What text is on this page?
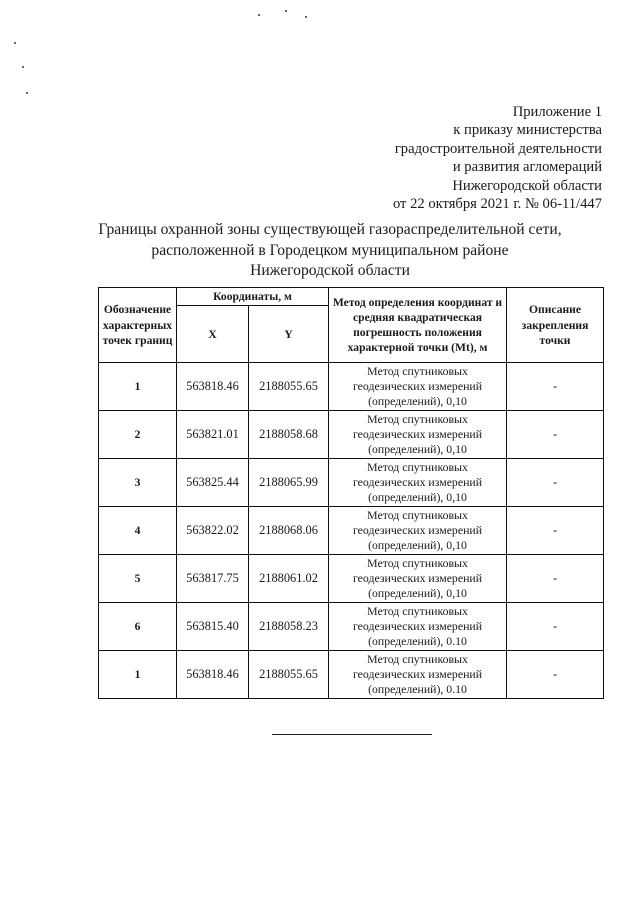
Приложение 1
к приказу министерства
градостроительной деятельности
и развития агломераций
Нижегородской области
от 22 октября 2021 г. № 06-11/447
Границы охранной зоны существующей газораспределительной сети,
расположенной в Городецком муниципальном районе
Нижегородской области
Обозначение характерных точек границ	Координаты, м		Метод определения координат и средняя квадратическая погрешность положения характерной точки (Mt), м	Описание закрепления точки
	X	Y		
1	563818.46	2188055.65	Метод спутниковых геодезических измерений (определений), 0,10	-
2	563821.01	2188058.68	Метод спутниковых геодезических измерений (определений), 0,10	-
3	563825.44	2188065.99	Метод спутниковых геодезических измерений (определений), 0,10	-
4	563822.02	2188068.06	Метод спутниковых геодезических измерений (определений), 0,10	-
5	563817.75	2188061.02	Метод спутниковых геодезических измерений (определений), 0,10	-
6	563815.40	2188058.23	Метод спутниковых геодезических измерений (определений), 0.10	-
1	563818.46	2188055.65	Метод спутниковых геодезических измерений (определений), 0.10	-
